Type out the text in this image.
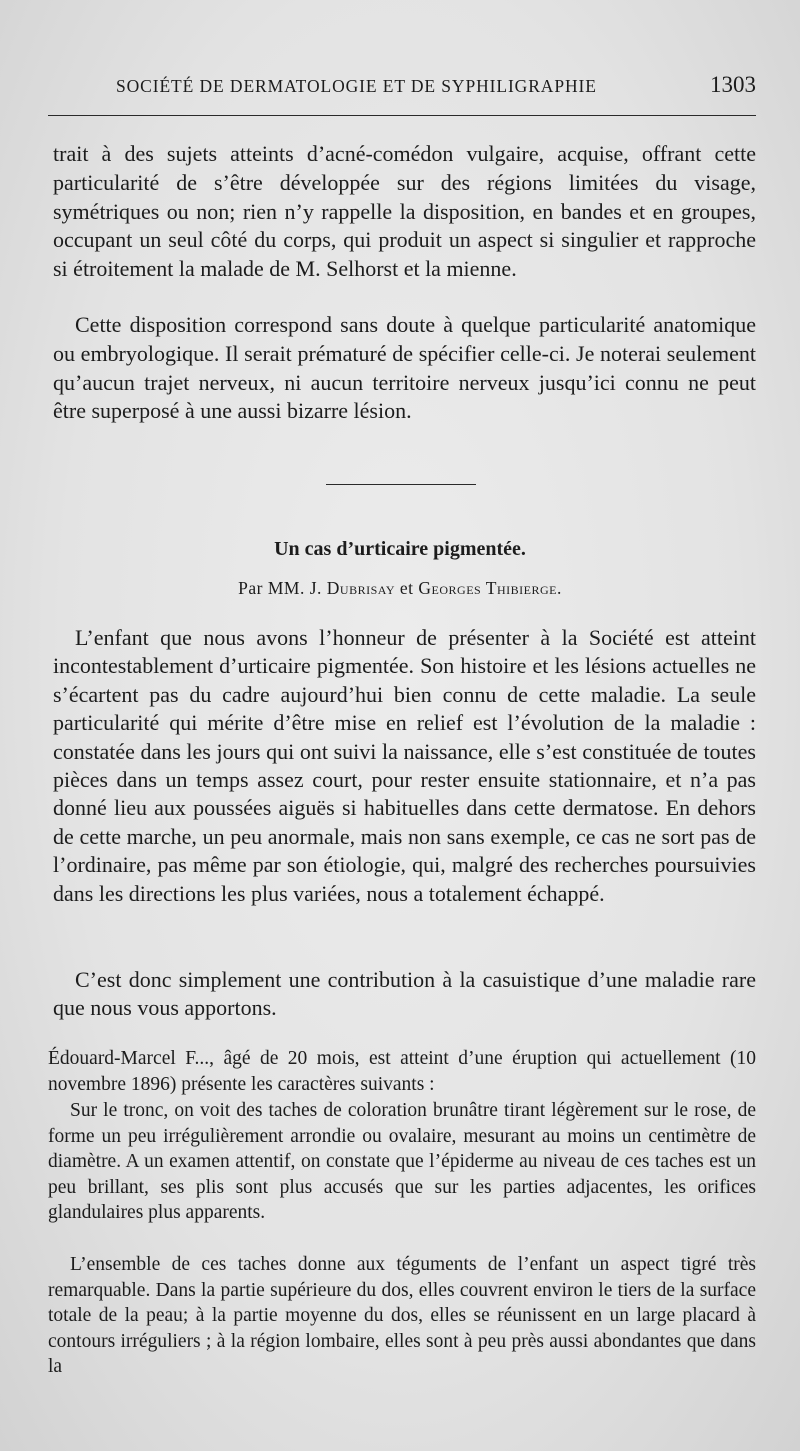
SOCIÉTÉ DE DERMATOLOGIE ET DE SYPHILIGRAPHIE	1303

trait à des sujets atteints d’acné-comédon vulgaire, acquise, offrant cette particularité de s’être développée sur des régions limitées du visage, symétriques ou non; rien n’y rappelle la disposition, en bandes et en groupes, occupant un seul côté du corps, qui produit un aspect si singulier et rapproche si étroitement la malade de M. Selhorst et la mienne.

Cette disposition correspond sans doute à quelque particularité anatomique ou embryologique. Il serait prématuré de spécifier celle-ci. Je noterai seulement qu’aucun trajet nerveux, ni aucun territoire nerveux jusqu’ici connu ne peut être superposé à une aussi bizarre lésion.

Un cas d’urticaire pigmentée.

Par MM. J. Dubrisay et Georges Thibierge.

L’enfant que nous avons l’honneur de présenter à la Société est atteint incontestablement d’urticaire pigmentée. Son histoire et les lésions actuelles ne s’écartent pas du cadre aujourd’hui bien connu de cette maladie. La seule particularité qui mérite d’être mise en relief est l’évolution de la maladie : constatée dans les jours qui ont suivi la naissance, elle s’est constituée de toutes pièces dans un temps assez court, pour rester ensuite stationnaire, et n’a pas donné lieu aux poussées aiguës si habituelles dans cette dermatose. En dehors de cette marche, un peu anormale, mais non sans exemple, ce cas ne sort pas de l’ordinaire, pas même par son étiologie, qui, malgré des recherches poursuivies dans les directions les plus variées, nous a totalement échappé.

C’est donc simplement une contribution à la casuistique d’une maladie rare que nous vous apportons.

Édouard-Marcel F..., âgé de 20 mois, est atteint d’une éruption qui actuellement (10 novembre 1896) présente les caractères suivants :

Sur le tronc, on voit des taches de coloration brunâtre tirant légèrement sur le rose, de forme un peu irrégulièrement arrondie ou ovalaire, mesurant au moins un centimètre de diamètre. A un examen attentif, on constate que l’épiderme au niveau de ces taches est un peu brillant, ses plis sont plus accusés que sur les parties adjacentes, les orifices glandulaires plus apparents.

L’ensemble de ces taches donne aux téguments de l’enfant un aspect tigré très remarquable. Dans la partie supérieure du dos, elles couvrent environ le tiers de la surface totale de la peau; à la partie moyenne du dos, elles se réunissent en un large placard à contours irréguliers ; à la région lombaire, elles sont à peu près aussi abondantes que dans la
